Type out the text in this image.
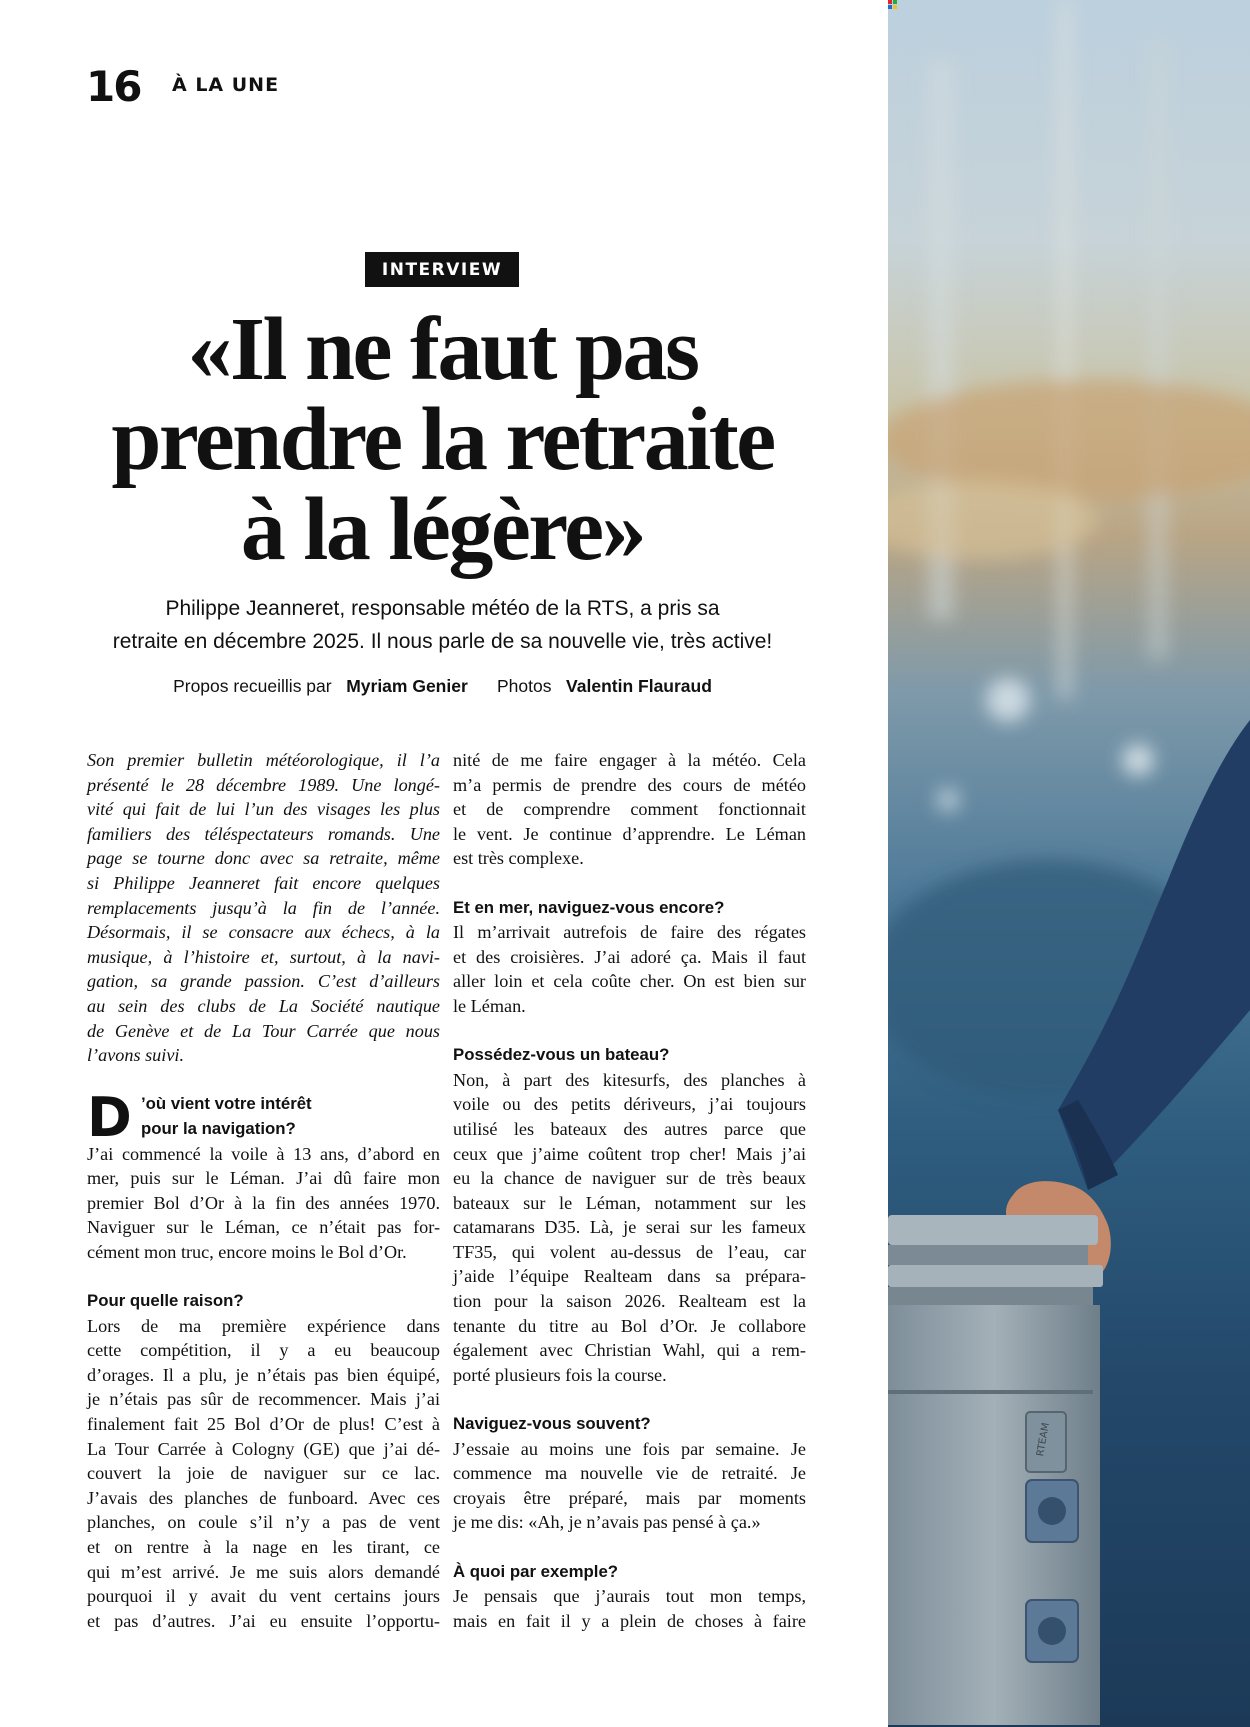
16 À LA UNE
INTERVIEW
«Il ne faut pas
prendre la retraite
à la légère»

Philippe Jeanneret, responsable météo de la RTS, a pris sa
retraite en décembre 2025. Il nous parle de sa nouvelle vie, très active!

Propos recueillis par Myriam Genier Photos Valentin Flauraud

Son premier bulletin météorologique, il l’a

présenté le 28 décembre 1989. Une longé-

vité qui fait de lui l’un des visages les plus

familiers des téléspectateurs romands. Une

page se tourne donc avec sa retraite, même

si Philippe Jeanneret fait encore quelques

remplacements jusqu’à la fin de l’année.

Désormais, il se consacre aux échecs, à la

musique, à l’histoire et, surtout, à la navi-

gation, sa grande passion. C’est d’ailleurs

au sein des clubs de La Société nautique

de Genève et de La Tour Carrée que nous

l’avons suivi.

D ’où vient votre intérêt

pour la navigation?

J’ai commencé la voile à 13 ans, d’abord en

mer, puis sur le Léman. J’ai dû faire mon

premier Bol d’Or à la fin des années 1970.

Naviguer sur le Léman, ce n’était pas for-

cément mon truc, encore moins le Bol d’Or.

Pour quelle raison?

Lors de ma première expérience dans

cette compétition, il y a eu beaucoup

d’orages. Il a plu, je n’étais pas bien équipé,

je n’étais pas sûr de recommencer. Mais j’ai

finalement fait 25 Bol d’Or de plus! C’est à

La Tour Carrée à Cologny (GE) que j’ai dé-

couvert la joie de naviguer sur ce lac.

J’avais des planches de funboard. Avec ces

planches, on coule s’il n’y a pas de vent

et on rentre à la nage en les tirant, ce

qui m’est arrivé. Je me suis alors demandé

pourquoi il y avait du vent certains jours

et pas d’autres. J’ai eu ensuite l’opportu-

nité de me faire engager à la météo. Cela

m’a permis de prendre des cours de météo

et de comprendre comment fonctionnait

le vent. Je continue d’apprendre. Le Léman

est très complexe.

Et en mer, naviguez-vous encore?

Il m’arrivait autrefois de faire des régates

et des croisières. J’ai adoré ça. Mais il faut

aller loin et cela coûte cher. On est bien sur

le Léman.

Possédez-vous un bateau?

Non, à part des kitesurfs, des planches à

voile ou des petits dériveurs, j’ai toujours

utilisé les bateaux des autres parce que

ceux que j’aime coûtent trop cher! Mais j’ai

eu la chance de naviguer sur de très beaux

bateaux sur le Léman, notamment sur les

catamarans D35. Là, je serai sur les fameux

TF35, qui volent au-dessus de l’eau, car

j’aide l’équipe Realteam dans sa prépara-

tion pour la saison 2026. Realteam est la

tenante du titre au Bol d’Or. Je collabore

également avec Christian Wahl, qui a rem-

porté plusieurs fois la course.

Naviguez-vous souvent?

J’essaie au moins une fois par semaine. Je

commence ma nouvelle vie de retraité. Je

croyais être préparé, mais par moments

je me dis: «Ah, je n’avais pas pensé à ça.»

À quoi par exemple?

Je pensais que j’aurais tout mon temps,

mais en fait il y a plein de choses à faire

RTEAM
